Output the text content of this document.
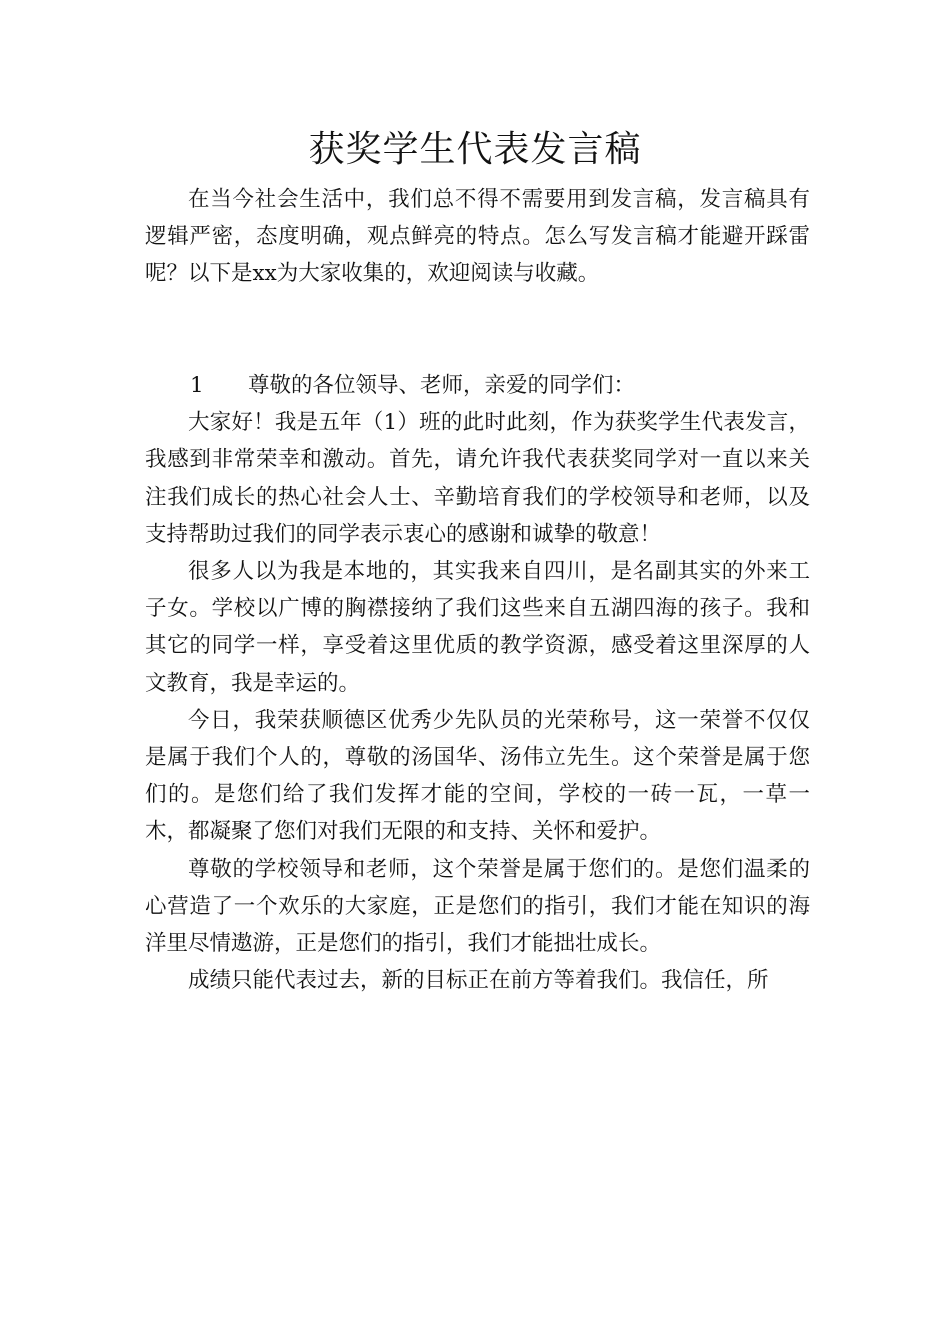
获奖学生代表发言稿

在当今社会生活中，我们总不得不需要用到发言稿，发言稿具有逻辑严密，态度明确，观点鲜亮的特点。怎么写发言稿才能避开踩雷呢？以下是xx为大家收集的，欢迎阅读与收藏。

1	尊敬的各位领导、老师，亲爱的同学们：

大家好！我是五年（1）班的此时此刻，作为获奖学生代表发言，我感到非常荣幸和激动。首先，请允许我代表获奖同学对一直以来关注我们成长的热心社会人士、辛勤培育我们的学校领导和老师，以及支持帮助过我们的同学表示衷心的感谢和诚挚的敬意！

很多人以为我是本地的，其实我来自四川，是名副其实的外来工子女。学校以广博的胸襟接纳了我们这些来自五湖四海的孩子。我和其它的同学一样，享受着这里优质的教学资源，感受着这里深厚的人文教育，我是幸运的。

今日，我荣获顺德区优秀少先队员的光荣称号，这一荣誉不仅仅是属于我们个人的，尊敬的汤国华、汤伟立先生。这个荣誉是属于您们的。是您们给了我们发挥才能的空间，学校的一砖一瓦，一草一木，都凝聚了您们对我们无限的和支持、关怀和爱护。

尊敬的学校领导和老师，这个荣誉是属于您们的。是您们温柔的心营造了一个欢乐的大家庭，正是您们的指引，我们才能在知识的海洋里尽情遨游，正是您们的指引，我们才能拙壮成长。

成绩只能代表过去，新的目标正在前方等着我们。我信任，所
